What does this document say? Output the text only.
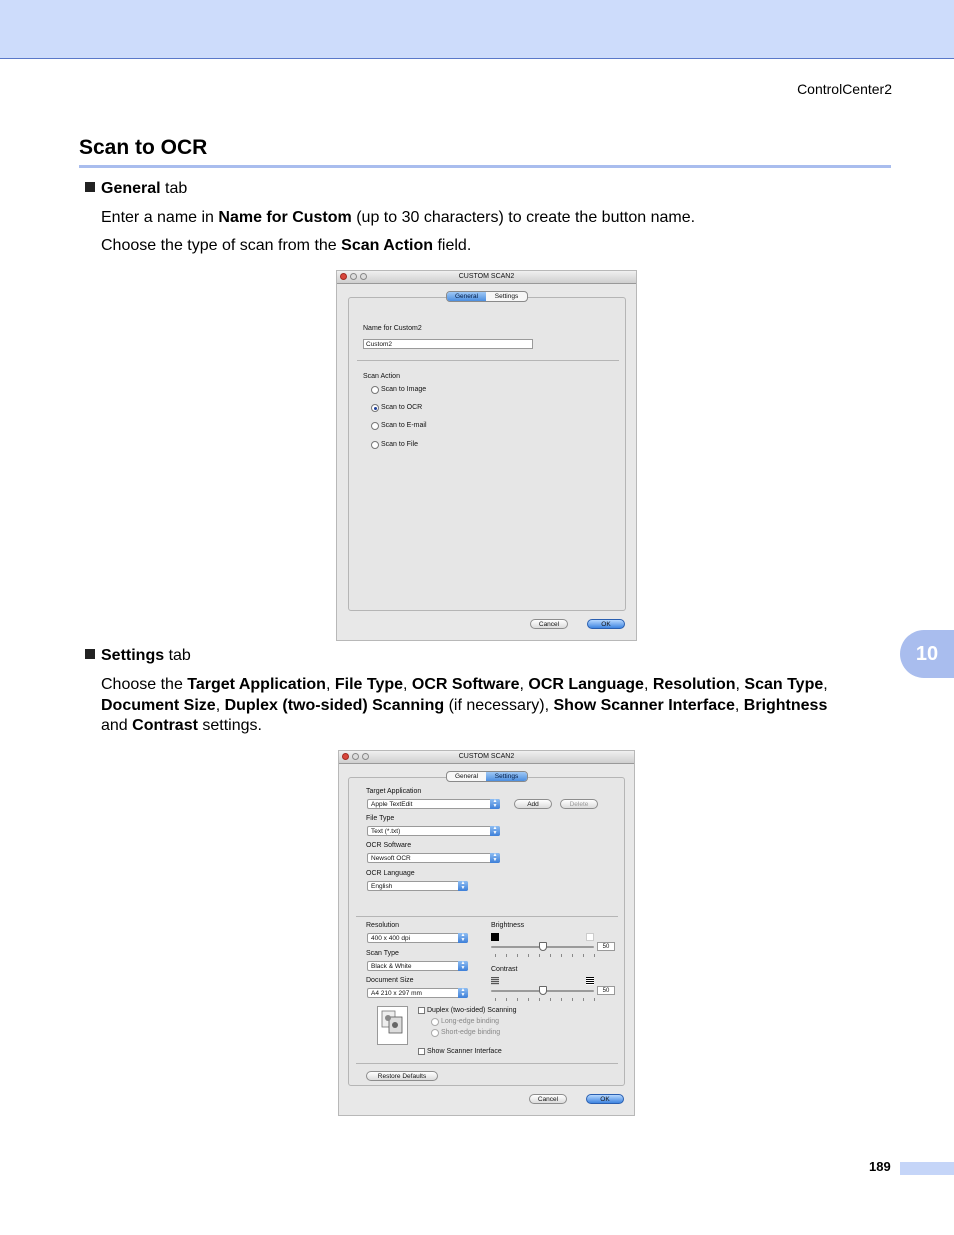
ControlCenter2
Scan to OCR
General tab
Enter a name in Name for Custom (up to 30 characters) to create the button name.
Choose the type of scan from the Scan Action field.
CUSTOM SCAN2
General	Settings
Name for Custom2
Custom2
Scan Action
Scan to Image
Scan to OCR
Scan to E-mail
Scan to File
Cancel	OK
10
Settings tab
Choose the Target Application, File Type, OCR Software, OCR Language, Resolution, Scan Type,
Document Size, Duplex (two-sided) Scanning (if necessary), Show Scanner Interface, Brightness
and Contrast settings.
CUSTOM SCAN2
General	Settings
Target Application
Apple TextEdit	▲
▼	Add	Delete
File Type
Text (*.txt)	▲
▼
OCR Software
Newsoft OCR	▲
▼
OCR Language
English	▲
▼
Resolution
400 x 400 dpi	▲
▼
Scan Type
Black & White	▲
▼
Document Size
A4 210 x 297 mm	▲
▼
Brightness
50
Contrast
50
Duplex (two-sided) Scanning
Long-edge binding
Short-edge binding
Show Scanner Interface
Restore Defaults
Cancel	OK
189
